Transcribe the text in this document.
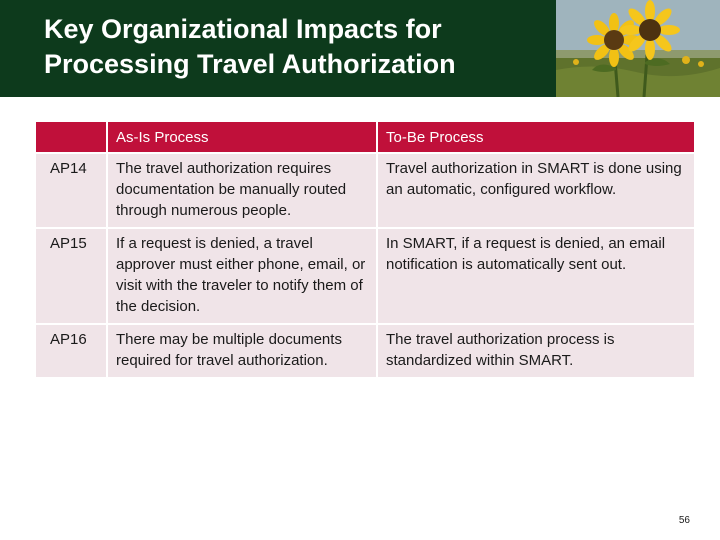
Key Organizational Impacts for
Processing Travel Authorization
	As-Is Process	To-Be Process
AP14	The travel authorization requires documentation be manually routed through numerous people.	Travel authorization in SMART is done using an automatic, configured workflow.
AP15	If a request is denied, a travel approver must either phone, email, or visit with the traveler to notify them of the decision.	In SMART, if a request is denied, an email notification is automatically sent out.
AP16	There may be multiple documents required for travel authorization.	The travel authorization process is standardized within SMART.
56
